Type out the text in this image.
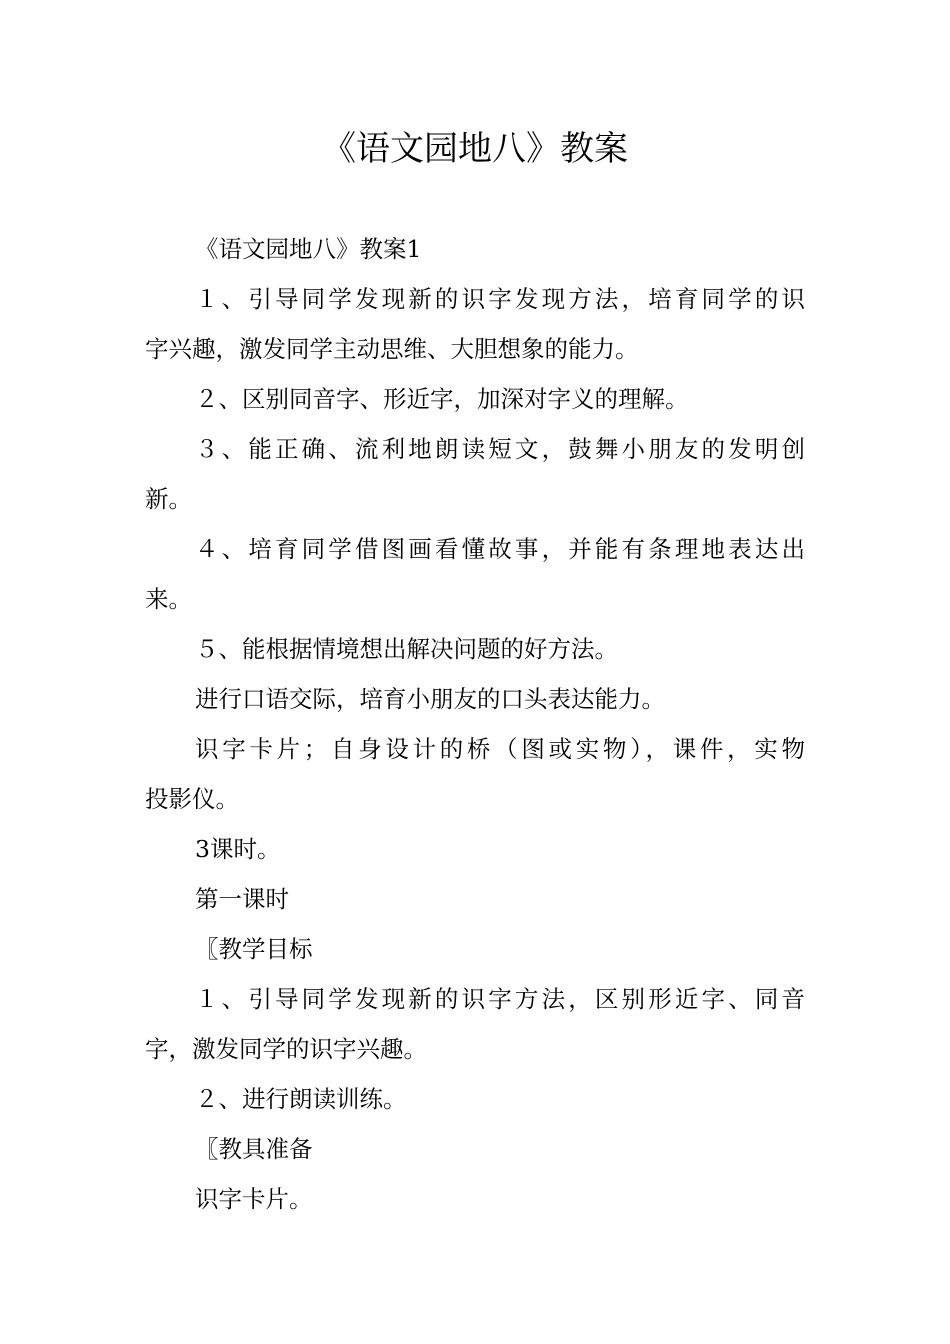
《语文园地八》教案
《语文园地八》教案1
１、引导同学发现新的识字发现方法，培育同学的识
字兴趣，激发同学主动思维、大胆想象的能力。
２、区别同音字、形近字，加深对字义的理解。
３、能正确、流利地朗读短文，鼓舞小朋友的发明创
新。
４、培育同学借图画看懂故事，并能有条理地表达出
来。
５、能根据情境想出解决问题的好方法。
进行口语交际，培育小朋友的口头表达能力。
识字卡片；自身设计的桥（图或实物），课件，实物
投影仪。
3课时。
第一课时
〖教学目标
１、引导同学发现新的识字方法，区别形近字、同音
字，激发同学的识字兴趣。
２、进行朗读训练。
〖教具准备
识字卡片。
